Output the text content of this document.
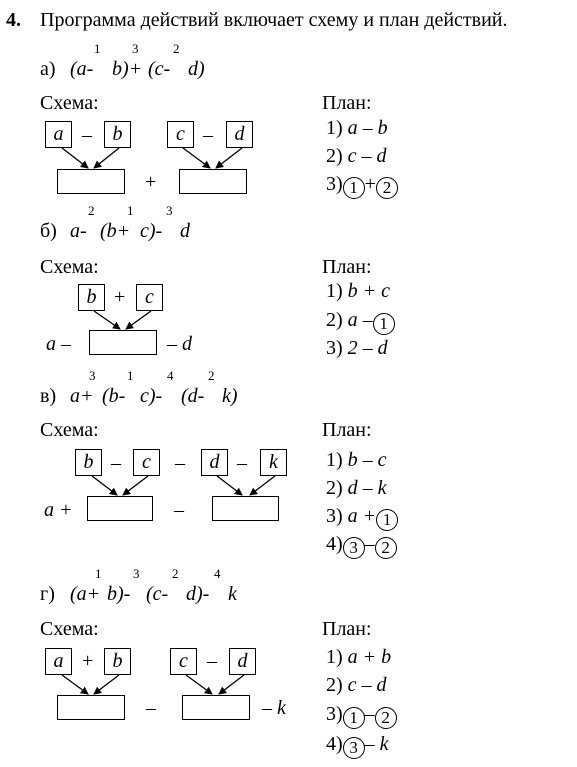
4. Программа действий включает схему и план действий.
а) (a- b)+ (c- d)
1 3	2
Схема:	План:
a –	b	c –	d
+
1) a – b
2) c – d
3) 1 + 2
б) a- (b+ c)- d
2	1	3
Схема:	План:
b + c
a –	– d
1) b + c
2) a – 1
3) 2 – d
в) a+ (b- c)- (d- k)
3 1	4	2
Схема:	План:
b –	c	–	d –	k
a +	–
1) b – c
2) d – k
3) a + 1
4) 3 – 2
г) (a+ b)- (c- d)- k
1 3	2	4
Схема:	План:
a + b	c –	d
–	– k
1) a + b
2) c – d
3) 1 – 2
4) 3 – k
